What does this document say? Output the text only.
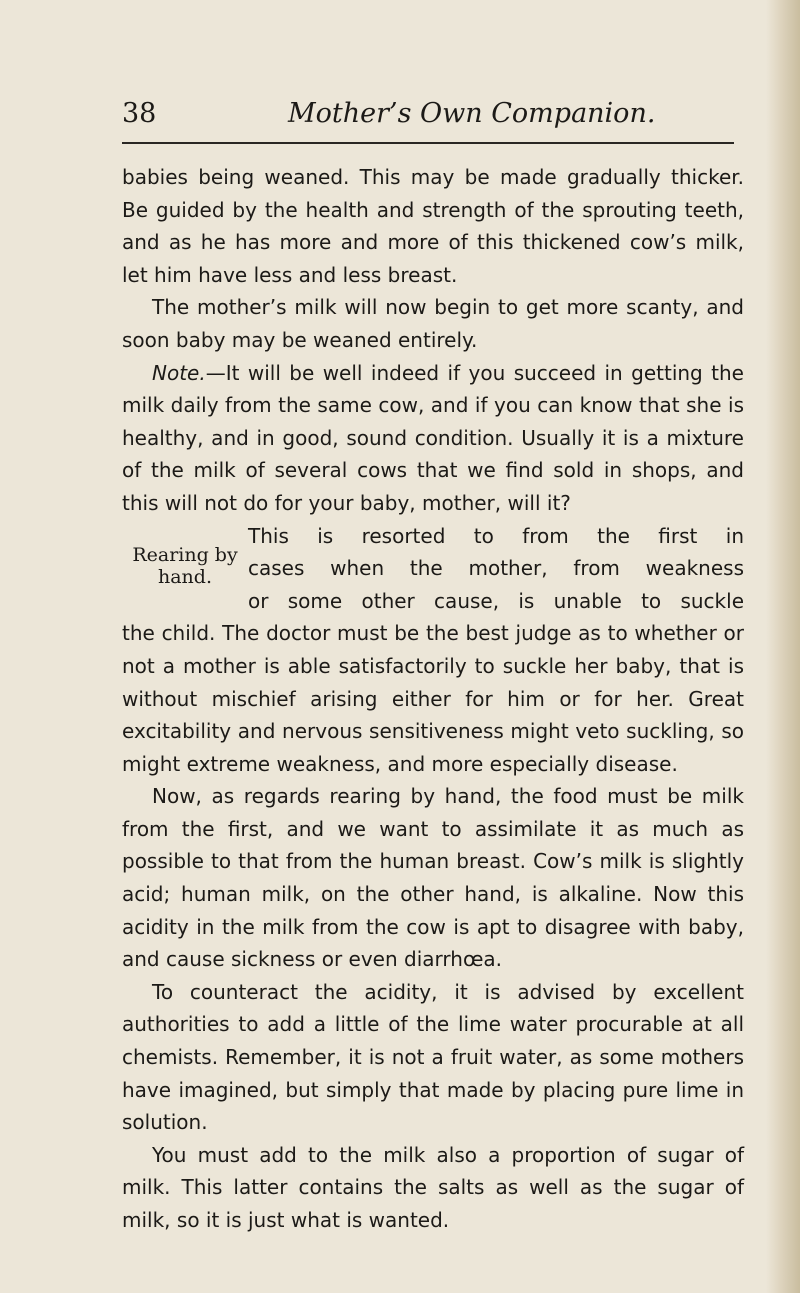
38	Mother’s Own Companion.

babies being weaned. This may be made gradually thicker. Be guided by the health and strength of the sprouting teeth, and as he has more and more of this thickened cow’s milk, let him have less and less breast.

The mother’s milk will now begin to get more scanty, and soon baby may be weaned entirely.

Note.—It will be well indeed if you succeed in getting the milk daily from the same cow, and if you can know that she is healthy, and in good, sound condition. Usually it is a mixture of the milk of several cows that we find sold in shops, and this will not do for your baby, mother, will it?

Rearing by hand.
This is resorted to from the first in
cases when the mother, from weakness
or some other cause, is unable to suckle

the child. The doctor must be the best judge as to whether or not a mother is able satisfactorily to suckle her baby, that is without mischief arising either for him or for her. Great excitability and nervous sensitiveness might veto suckling, so might extreme weakness, and more especially disease.

Now, as regards rearing by hand, the food must be milk from the first, and we want to assimilate it as much as possible to that from the human breast. Cow’s milk is slightly acid; human milk, on the other hand, is alkaline. Now this acidity in the milk from the cow is apt to disagree with baby, and cause sickness or even diarrhœa.

To counteract the acidity, it is advised by excellent authorities to add a little of the lime water procurable at all chemists. Remember, it is not a fruit water, as some mothers have imagined, but simply that made by placing pure lime in solution.

You must add to the milk also a proportion of sugar of milk. This latter contains the salts as well as the sugar of milk, so it is just what is wanted.
